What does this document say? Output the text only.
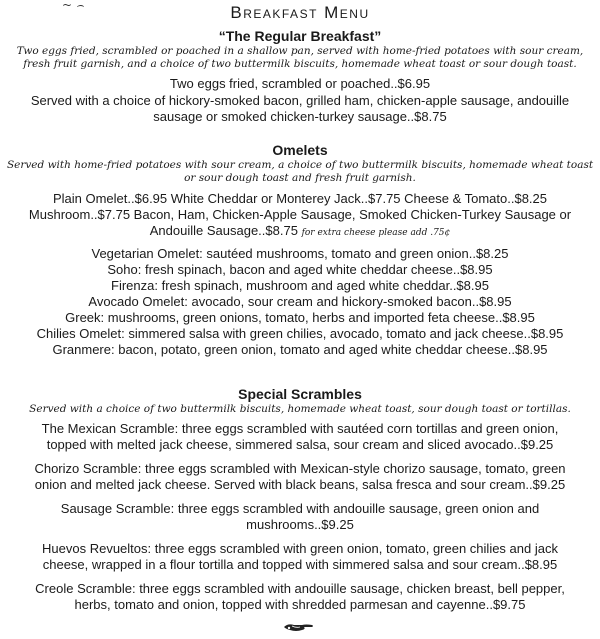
~ ⌢	Breakfast Menu
“The Regular Breakfast”
Two eggs fried, scrambled or poached in a shallow pan, served with home-fried potatoes with sour cream,
fresh fruit garnish, and a choice of two buttermilk biscuits, homemade wheat toast or sour dough toast.
Two eggs fried, scrambled or poached..$6.95
Served with a choice of hickory-smoked bacon, grilled ham, chicken-apple sausage, andouille
sausage or smoked chicken-turkey sausage..$8.75
Omelets
Served with home-fried potatoes with sour cream, a choice of two buttermilk biscuits, homemade wheat toast
or sour dough toast and fresh fruit garnish.
Plain Omelet..$6.95 White Cheddar or Monterey Jack..$7.75 Cheese & Tomato..$8.25
Mushroom..$7.75 Bacon, Ham, Chicken-Apple Sausage, Smoked Chicken-Turkey Sausage or
Andouille Sausage..$8.75 for extra cheese please add .75¢
Vegetarian Omelet: sautéed mushrooms, tomato and green onion..$8.25
Soho: fresh spinach, bacon and aged white cheddar cheese..$8.95
Firenza: fresh spinach, mushroom and aged white cheddar..$8.95
Avocado Omelet: avocado, sour cream and hickory-smoked bacon..$8.95
Greek: mushrooms, green onions, tomato, herbs and imported feta cheese..$8.95
Chilies Omelet: simmered salsa with green chilies, avocado, tomato and jack cheese..$8.95
Granmere: bacon, potato, green onion, tomato and aged white cheddar cheese..$8.95
Special Scrambles
Served with a choice of two buttermilk biscuits, homemade wheat toast, sour dough toast or tortillas.
The Mexican Scramble: three eggs scrambled with sautéed corn tortillas and green onion,
topped with melted jack cheese, simmered salsa, sour cream and sliced avocado..$9.25
Chorizo Scramble: three eggs scrambled with Mexican-style chorizo sausage, tomato, green
onion and melted jack cheese. Served with black beans, salsa fresca and sour cream..$9.25
Sausage Scramble: three eggs scrambled with andouille sausage, green onion and
mushrooms..$9.25
Huevos Revueltos: three eggs scrambled with green onion, tomato, green chilies and jack
cheese, wrapped in a flour tortilla and topped with simmered salsa and sour cream..$8.95
Creole Scramble: three eggs scrambled with andouille sausage, chicken breast, bell pepper,
herbs, tomato and onion, topped with shredded parmesan and cayenne..$9.75
